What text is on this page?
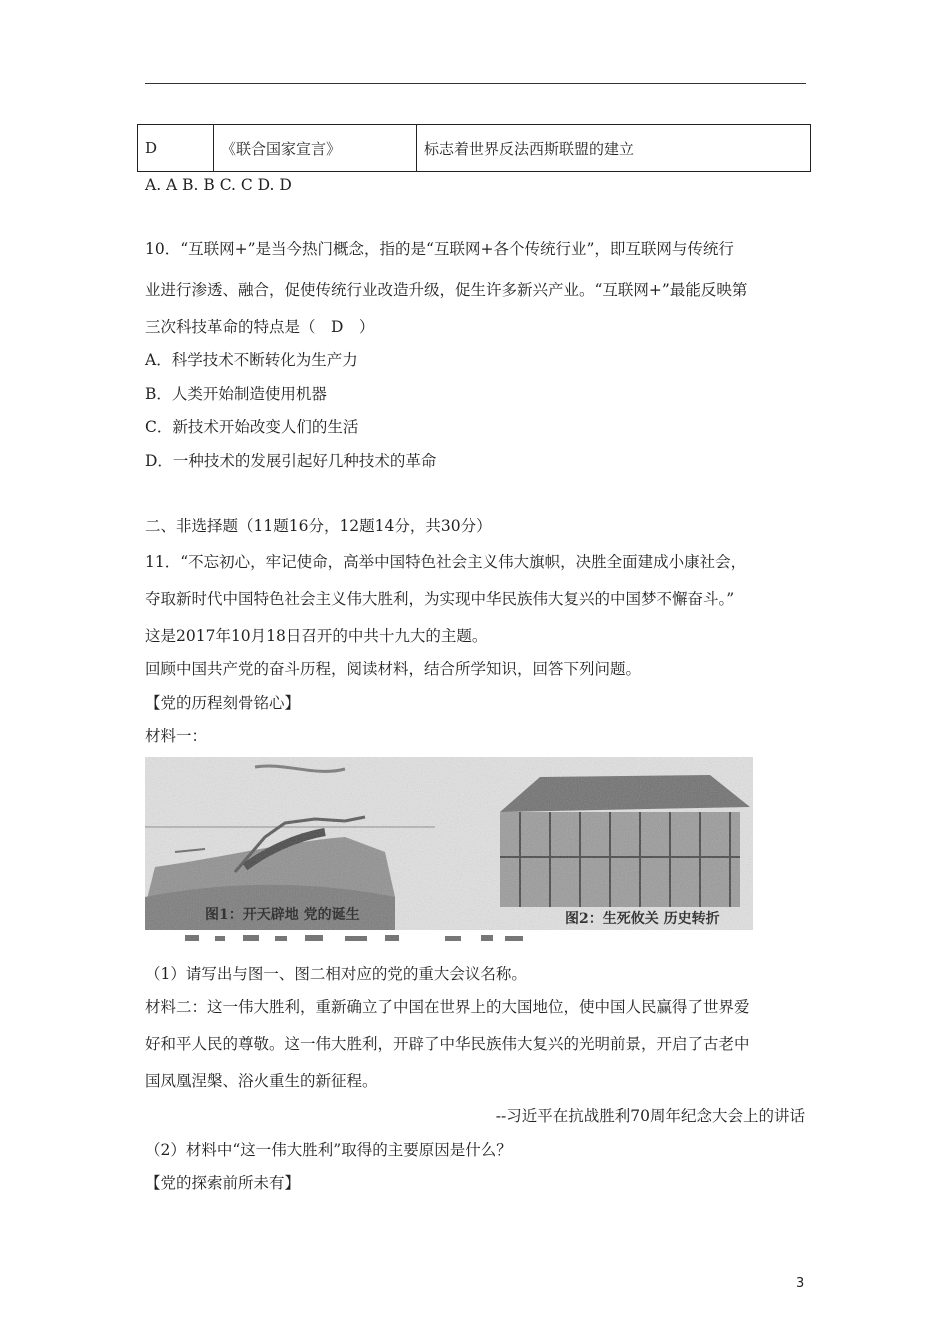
D	《联合国家宣言》	标志着世界反法西斯联盟的建立
A. A B. B C. C D. D
10．“互联网+”是当今热门概念，指的是“互联网+各个传统行业”，即互联网与传统行
业进行渗透、融合，促使传统行业改造升级，促生许多新兴产业。“互联网+”最能反映第
三次科技革命的特点是（　D　）
A．科学技术不断转化为生产力
B．人类开始制造使用机器
C．新技术开始改变人们的生活
D．一种技术的发展引起好几种技术的革命
二、非选择题（11题16分，12题14分，共30分）
11．“不忘初心，牢记使命，高举中国特色社会主义伟大旗帜，决胜全面建成小康社会，
夺取新时代中国特色社会主义伟大胜利，为实现中华民族伟大复兴的中国梦不懈奋斗。”
这是2017年10月18日召开的中共十九大的主题。
回顾中国共产党的奋斗历程，阅读材料，结合所学知识，回答下列问题。
【党的历程刻骨铭心】
材料一：
图1：开天辟地 党的诞生	图2：生死攸关 历史转折
（1）请写出与图一、图二相对应的党的重大会议名称。
材料二：这一伟大胜利，重新确立了中国在世界上的大国地位，使中国人民赢得了世界爱
好和平人民的尊敬。这一伟大胜利，开辟了中华民族伟大复兴的光明前景，开启了古老中
国凤凰涅槃、浴火重生的新征程。
--习近平在抗战胜利70周年纪念大会上的讲话
（2）材料中“这一伟大胜利”取得的主要原因是什么？
【党的探索前所未有】
3
